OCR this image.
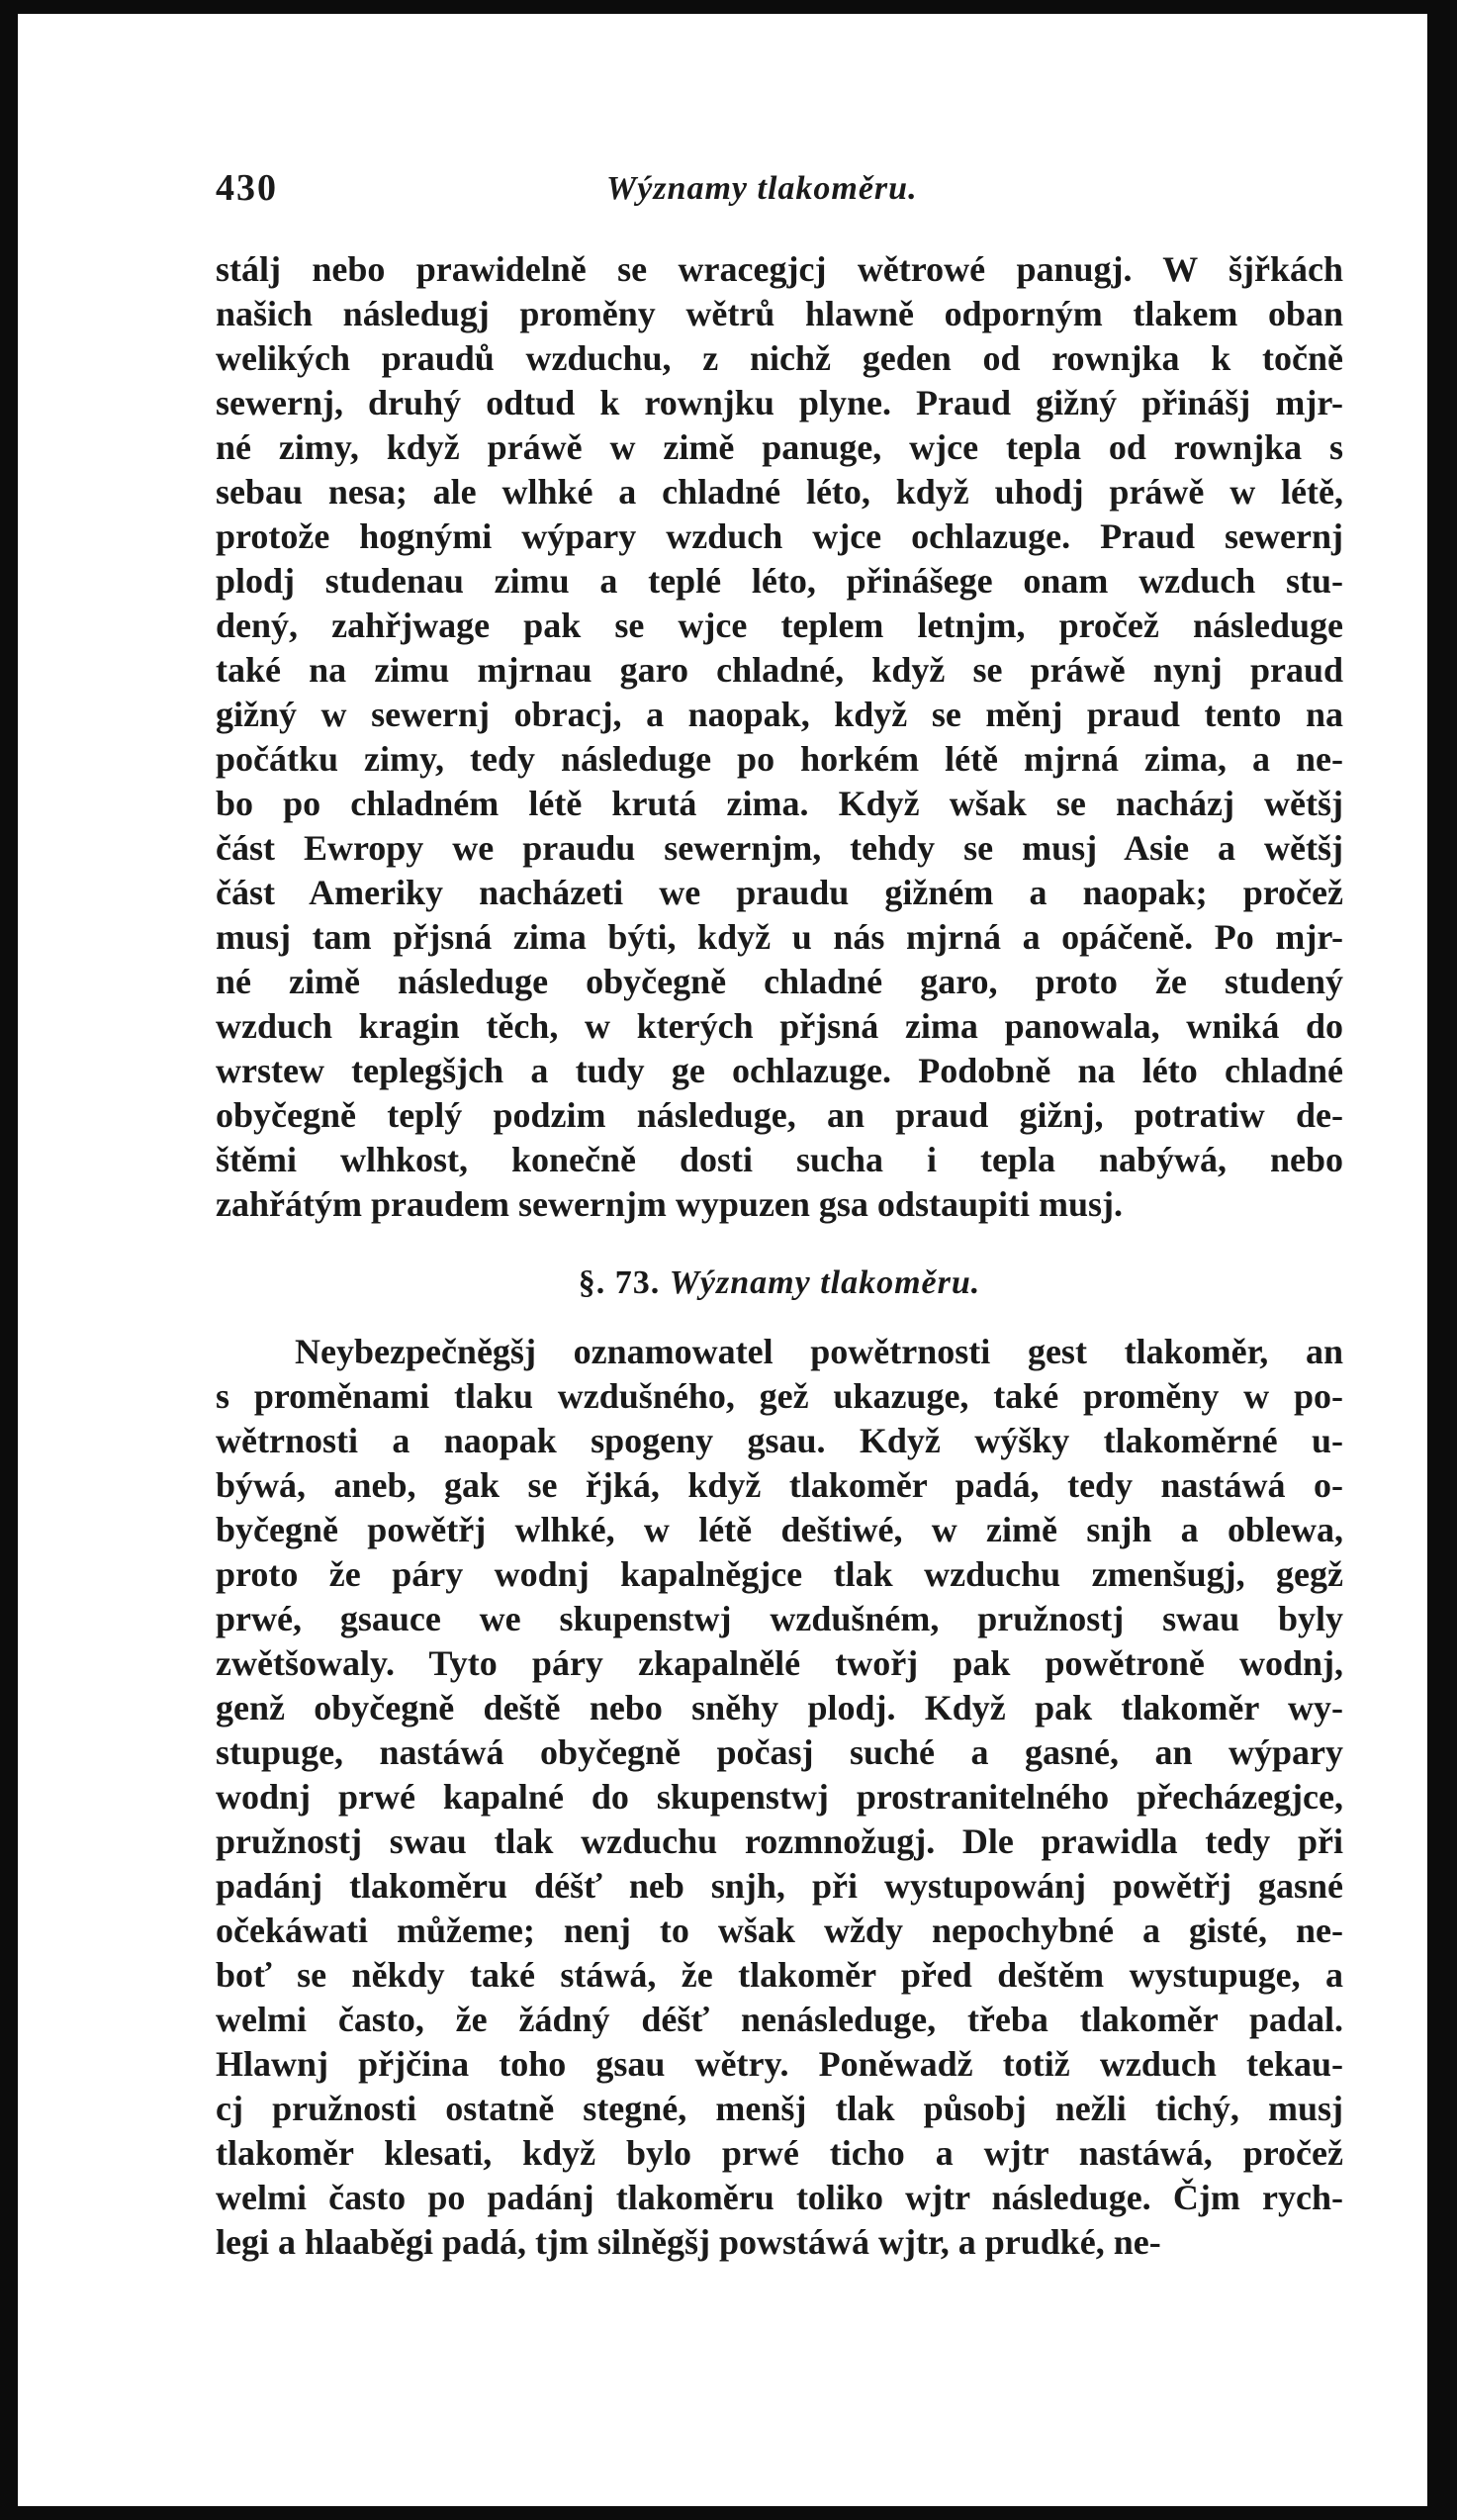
430	Wýznamy tlakoměru.
stálj nebo prawidelně se wracegjcj wětrowé panugj. W šjřkách
našich následugj proměny wětrů hlawně odporným tlakem oban
welikých praudů wzduchu, z nichž geden od rownjka k točně
sewernj, druhý odtud k rownjku plyne. Praud gižný přinášj mjr-
né zimy, když práwě w zimě panuge, wjce tepla od rownjka s
sebau nesa; ale wlhké a chladné léto, když uhodj práwě w létě,
protože hognými wýpary wzduch wjce ochlazuge. Praud sewernj
plodj studenau zimu a teplé léto, přinášege onam wzduch stu-
dený, zahřjwage pak se wjce teplem letnjm, pročež následuge
také na zimu mjrnau garo chladné, když se práwě nynj praud
gižný w sewernj obracj, a naopak, když se měnj praud tento na
počátku zimy, tedy následuge po horkém létě mjrná zima, a ne-
bo po chladném létě krutá zima. Když wšak se nacházj wětšj
část Ewropy we praudu sewernjm, tehdy se musj Asie a wětšj
část Ameriky nacházeti we praudu gižném a naopak; pročež
musj tam přjsná zima býti, když u nás mjrná a opáčeně. Po mjr-
né zimě následuge obyčegně chladné garo, proto že studený
wzduch kragin těch, w kterých přjsná zima panowala, wniká do
wrstew teplegšjch a tudy ge ochlazuge. Podobně na léto chladné
obyčegně teplý podzim následuge, an praud gižnj, potratiw de-
štěmi wlhkost, konečně dosti sucha i tepla nabýwá, nebo
zahřátým praudem sewernjm wypuzen gsa odstaupiti musj.
§. 73. Wýznamy tlakoměru.
Neybezpečněgšj oznamowatel powětrnosti gest tlakoměr, an
s proměnami tlaku wzdušného, gež ukazuge, také proměny w po-
wětrnosti a naopak spogeny gsau. Když wýšky tlakoměrné u-
býwá, aneb, gak se řjká, když tlakoměr padá, tedy nastáwá o-
byčegně powětřj wlhké, w létě deštiwé, w zimě snjh a oblewa,
proto že páry wodnj kapalněgjce tlak wzduchu zmenšugj, gegž
prwé, gsauce we skupenstwj wzdušném, pružnostj swau byly
zwětšowaly. Tyto páry zkapalnělé twořj pak powětroně wodnj,
genž obyčegně deště nebo sněhy plodj. Když pak tlakoměr wy-
stupuge, nastáwá obyčegně počasj suché a gasné, an wýpary
wodnj prwé kapalné do skupenstwj prostranitelného přecházegjce,
pružnostj swau tlak wzduchu rozmnožugj. Dle prawidla tedy při
padánj tlakoměru déšť neb snjh, při wystupowánj powětřj gasné
očekáwati můžeme; nenj to wšak wždy nepochybné a gisté, ne-
boť se někdy také stáwá, že tlakoměr před deštěm wystupuge, a
welmi často, že žádný déšť nenásleduge, třeba tlakoměr padal.
Hlawnj přjčina toho gsau wětry. Poněwadž totiž wzduch tekau-
cj pružnosti ostatně stegné, menšj tlak působj nežli tichý, musj
tlakoměr klesati, když bylo prwé ticho a wjtr nastáwá, pročež
welmi často po padánj tlakoměru toliko wjtr následuge. Čjm rych-
legi a hlaaběgi padá, tjm silněgšj powstáwá wjtr, a prudké, ne-
